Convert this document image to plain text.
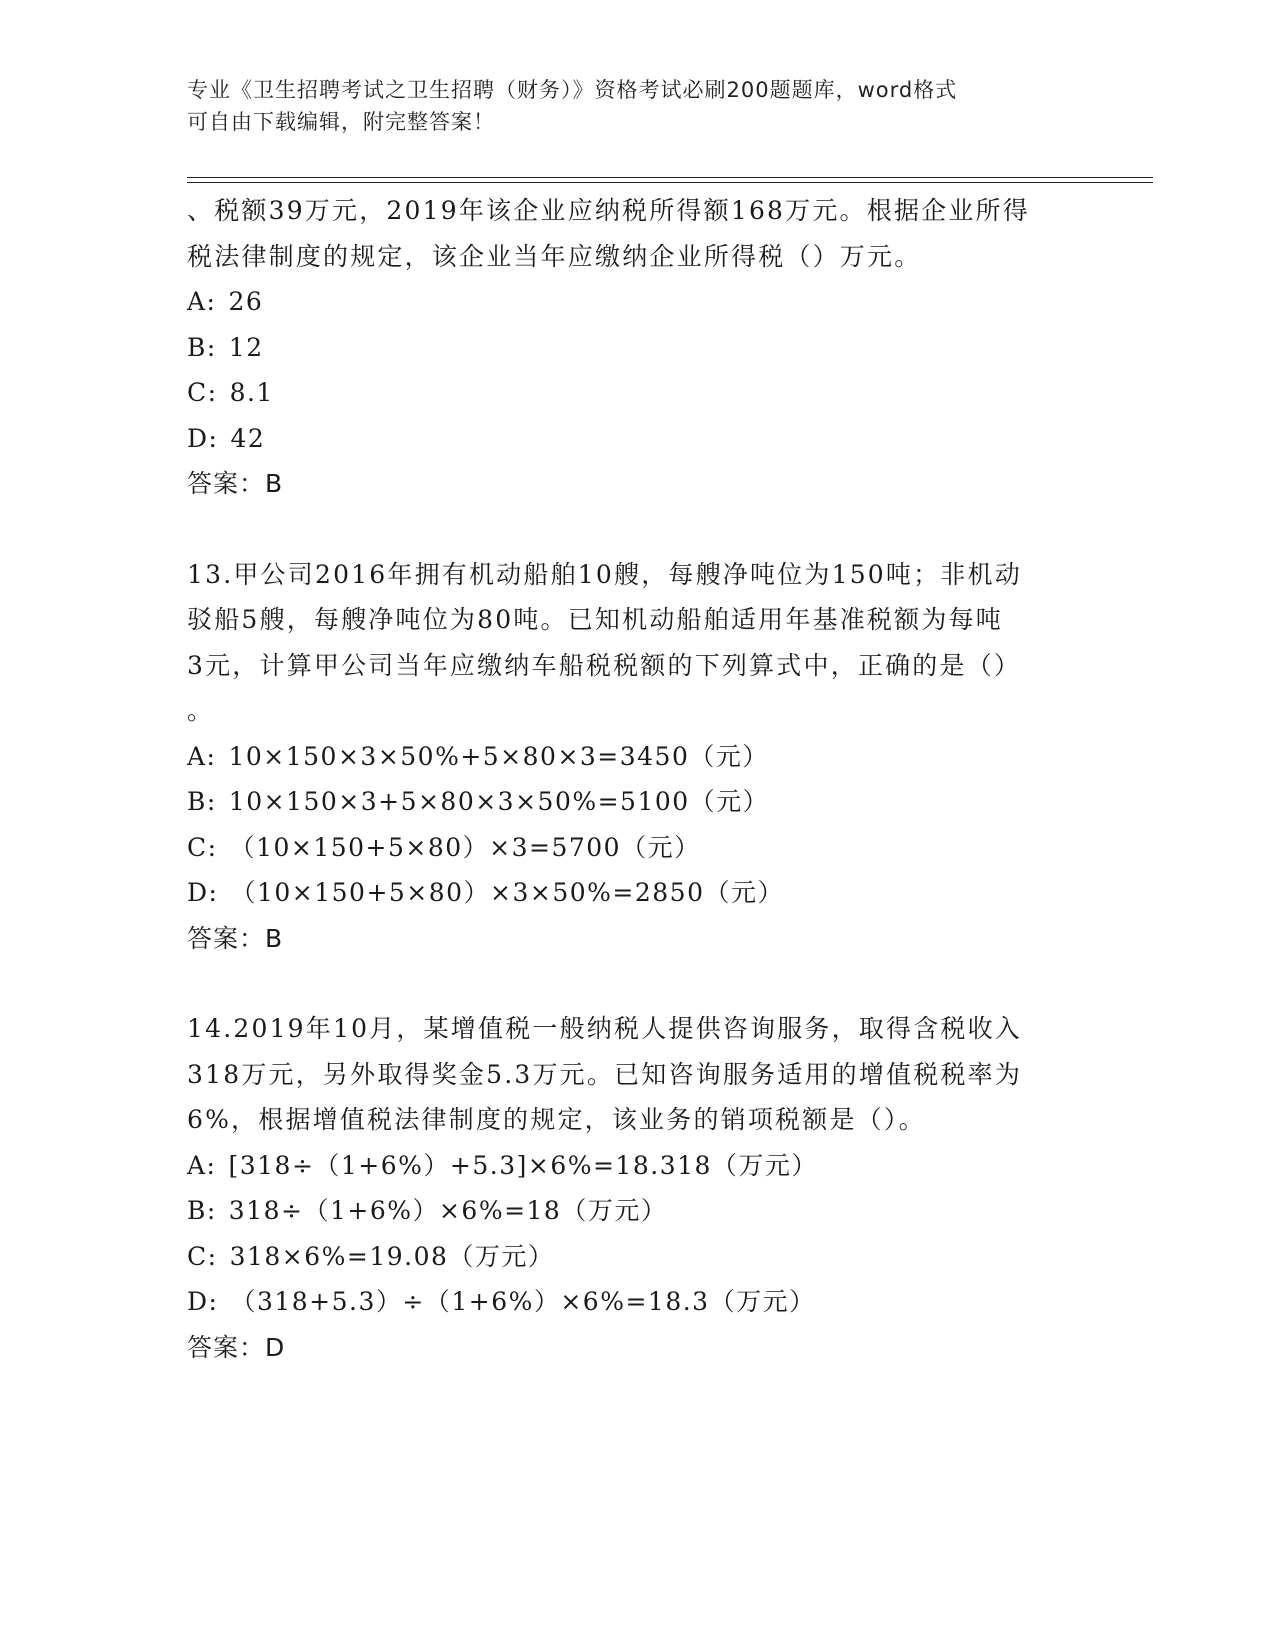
专业《卫生招聘考试之卫生招聘（财务）》资格考试必刷200题题库，word格式
可自由下载编辑，附完整答案！

、税额39万元，2019年该企业应纳税所得额168万元。根据企业所得

税法律制度的规定，该企业当年应缴纳企业所得税（）万元。

A: 26

B: 12

C: 8.1

D: 42

答案：B

13.甲公司2016年拥有机动船舶10艘，每艘净吨位为150吨；非机动

驳船5艘，每艘净吨位为80吨。已知机动船舶适用年基准税额为每吨

3元，计算甲公司当年应缴纳车船税税额的下列算式中，正确的是（）

。

A: 10×150×3×50%+5×80×3=3450（元）

B: 10×150×3+5×80×3×50%=5100（元）

C: （10×150+5×80）×3=5700（元）

D: （10×150+5×80）×3×50%=2850（元）

答案：B

14.2019年10月，某增值税一般纳税人提供咨询服务，取得含税收入

318万元，另外取得奖金5.3万元。已知咨询服务适用的增值税税率为

6%，根据增值税法律制度的规定，该业务的销项税额是（）。

A: [318÷（1+6%）+5.3]×6%=18.318（万元）

B: 318÷（1+6%）×6%=18（万元）

C: 318×6%=19.08（万元）

D: （318+5.3）÷（1+6%）×6%=18.3（万元）

答案：D
